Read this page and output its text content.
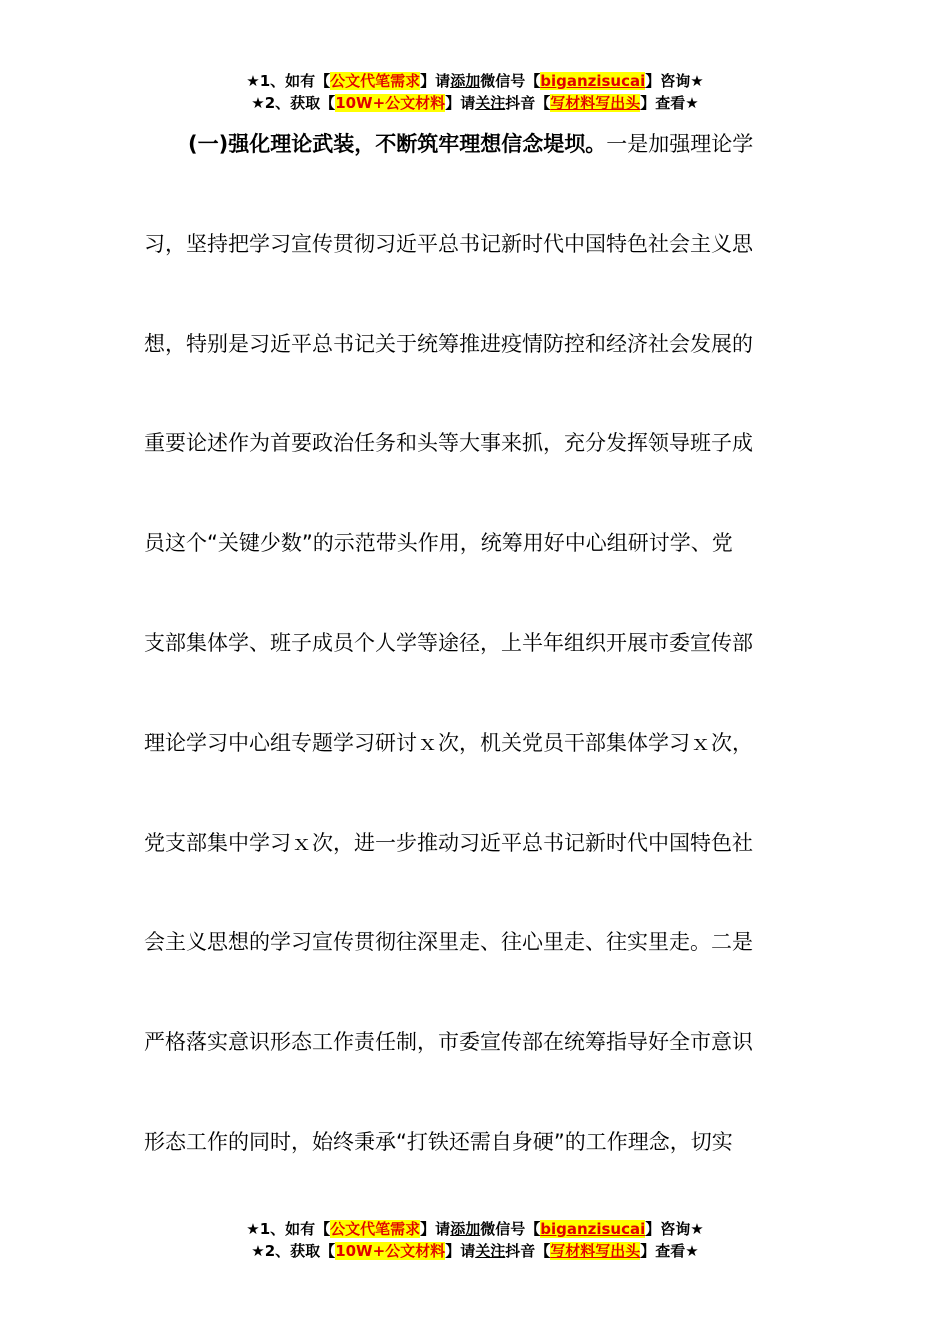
★1、如有【公文代笔需求】请添加微信号【biganzisucai】咨询★
★2、获取【10W+公文材料】请关注抖音【写材料写出头】查看★
(一)强化理论武装，不断筑牢理想信念堤坝。一是加强理论学
习，坚持把学习宣传贯彻习近平总书记新时代中国特色社会主义思
想，特别是习近平总书记关于统筹推进疫情防控和经济社会发展的
重要论述作为首要政治任务和头等大事来抓，充分发挥领导班子成
员这个“关键少数”的示范带头作用，统筹用好中心组研讨学、党
支部集体学、班子成员个人学等途径，上半年组织开展市委宣传部
理论学习中心组专题学习研讨ｘ次，机关党员干部集体学习ｘ次，
党支部集中学习ｘ次，进一步推动习近平总书记新时代中国特色社
会主义思想的学习宣传贯彻往深里走、往心里走、往实里走。二是
严格落实意识形态工作责任制，市委宣传部在统筹指导好全市意识
形态工作的同时，始终秉承“打铁还需自身硬”的工作理念，切实
★1、如有【公文代笔需求】请添加微信号【biganzisucai】咨询★
★2、获取【10W+公文材料】请关注抖音【写材料写出头】查看★
